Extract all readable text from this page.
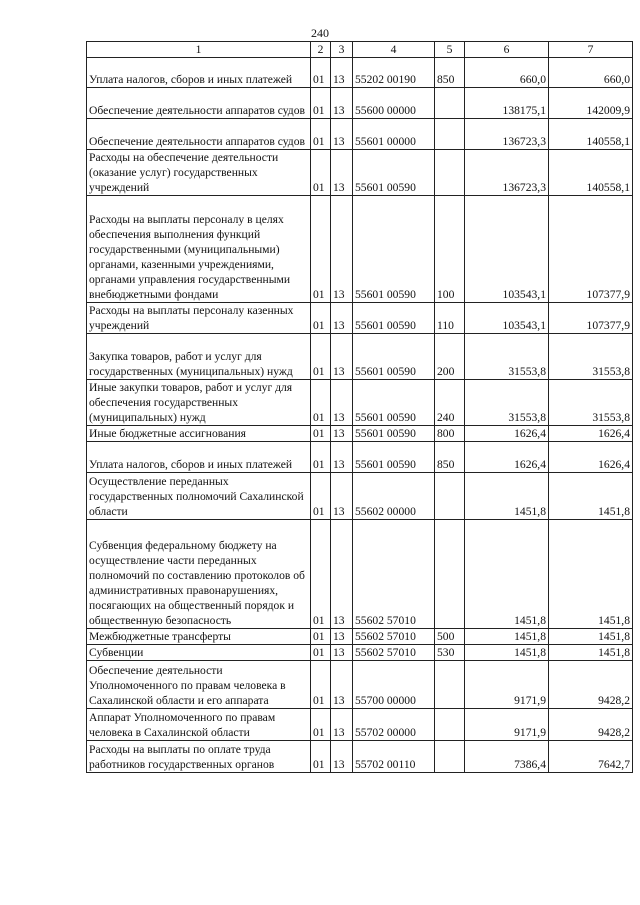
240
1	2	3	4	5	6	7
Уплата налогов, сборов и иных платежей	01	13	55202 00190	850	660,0	660,0
Обеспечение деятельности аппаратов судов	01	13	55600 00000		138175,1	142009,9
Обеспечение деятельности аппаратов судов	01	13	55601 00000		136723,3	140558,1
Расходы на обеспечение деятельности (оказание услуг) государственных учреждений	01	13	55601 00590		136723,3	140558,1
Расходы на выплаты персоналу в целях обеспечения выполнения функций государственными (муниципальными) органами, казенными учреждениями, органами управления государственными внебюджетными фондами	01	13	55601 00590	100	103543,1	107377,9
Расходы на выплаты персоналу казенных учреждений	01	13	55601 00590	110	103543,1	107377,9
Закупка товаров, работ и услуг для государственных (муниципальных) нужд	01	13	55601 00590	200	31553,8	31553,8
Иные закупки товаров, работ и услуг для обеспечения государственных (муниципальных) нужд	01	13	55601 00590	240	31553,8	31553,8
Иные бюджетные ассигнования	01	13	55601 00590	800	1626,4	1626,4
Уплата налогов, сборов и иных платежей	01	13	55601 00590	850	1626,4	1626,4
Осуществление переданных государственных полномочий Сахалинской области	01	13	55602 00000		1451,8	1451,8
Субвенция федеральному бюджету на осуществление части переданных полномочий по составлению протоколов об административных правонарушениях, посягающих на общественный порядок и общественную безопасность	01	13	55602 57010		1451,8	1451,8
Межбюджетные трансферты	01	13	55602 57010	500	1451,8	1451,8
Субвенции	01	13	55602 57010	530	1451,8	1451,8
Обеспечение деятельности Уполномоченного по правам человека в Сахалинской области и его аппарата	01	13	55700 00000		9171,9	9428,2
Аппарат Уполномоченного по правам человека в Сахалинской области	01	13	55702 00000		9171,9	9428,2
Расходы на выплаты по оплате труда работников государственных органов	01	13	55702 00110		7386,4	7642,7
